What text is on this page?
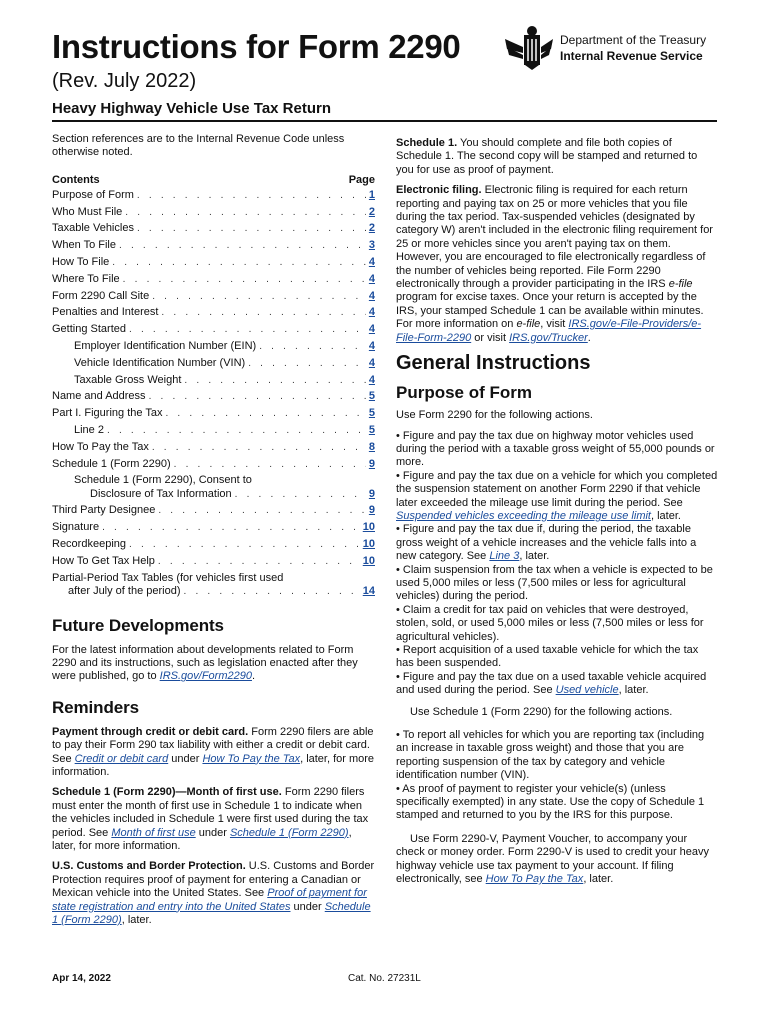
Instructions for Form 2290
(Rev. July 2022)
Heavy Highway Vehicle Use Tax Return
Department of the Treasury
Internal Revenue Service

Section references are to the Internal Revenue Code unless otherwise noted.

Contents	Page
Purpose of Form . . .	1
Who Must File . . .	2
Taxable Vehicles . . .	2
When To File . . .	3
How To File . . .	4
Where To File . . .	4
Form 2290 Call Site . . .	4
Penalties and Interest . . .	4
Getting Started . . .	4
Employer Identification Number (EIN) . . .	4
Vehicle Identification Number (VIN) . . .	4
Taxable Gross Weight . . .	4
Name and Address . . .	5
Part I. Figuring the Tax . . .	5
Line 2 . . .	5
How To Pay the Tax . . .	8
Schedule 1 (Form 2290) . . .	9
Schedule 1 (Form 2290), Consent to
Disclosure of Tax Information . . .	9
Third Party Designee . . .	9
Signature . . .	10
Recordkeeping . . .	10
How To Get Tax Help . . .	10
Partial-Period Tax Tables (for vehicles first used
after July of the period) . . .	14
Future Developments

For the latest information about developments related to Form 2290 and its instructions, such as legislation enacted after they were published, go to IRS.gov/Form2290.

Reminders

Payment through credit or debit card. Form 2290 filers are able to pay their Form 290 tax liability with either a credit or debit card. See Credit or debit card under How To Pay the Tax, later, for more information.

Schedule 1 (Form 2290)—Month of first use. Form 2290 filers must enter the month of first use in Schedule 1 to indicate when the vehicles included in Schedule 1 were first used during the tax period. See Month of first use under Schedule 1 (Form 2290), later, for more information.

U.S. Customs and Border Protection. U.S. Customs and Border Protection requires proof of payment for entering a Canadian or Mexican vehicle into the United States. See Proof of payment for state registration and entry into the United States under Schedule 1 (Form 2290), later.

Schedule 1. You should complete and file both copies of Schedule 1. The second copy will be stamped and returned to you for use as proof of payment.

Electronic filing. Electronic filing is required for each return reporting and paying tax on 25 or more vehicles that you file during the tax period. Tax-suspended vehicles (designated by category W) aren't included in the electronic filing requirement for 25 or more vehicles since you aren't paying tax on them. However, you are encouraged to file electronically regardless of the number of vehicles being reported. File Form 2290 electronically through a provider participating in the IRS e-file program for excise taxes. Once your return is accepted by the IRS, your stamped Schedule 1 can be available within minutes. For more information on e-file, visit IRS.gov/e-File-Providers/e-File-Form-2290 or visit IRS.gov/Trucker.

General Instructions
Purpose of Form

Use Form 2290 for the following actions.

• Figure and pay the tax due on highway motor vehicles used during the period with a taxable gross weight of 55,000 pounds or more.

• Figure and pay the tax due on a vehicle for which you completed the suspension statement on another Form 2290 if that vehicle later exceeded the mileage use limit during the period. See Suspended vehicles exceeding the mileage use limit, later.

• Figure and pay the tax due if, during the period, the taxable gross weight of a vehicle increases and the vehicle falls into a new category. See Line 3, later.

• Claim suspension from the tax when a vehicle is expected to be used 5,000 miles or less (7,500 miles or less for agricultural vehicles) during the period.

• Claim a credit for tax paid on vehicles that were destroyed, stolen, sold, or used 5,000 miles or less (7,500 miles or less for agricultural vehicles).

• Report acquisition of a used taxable vehicle for which the tax has been suspended.

• Figure and pay the tax due on a used taxable vehicle acquired and used during the period. See Used vehicle, later.

Use Schedule 1 (Form 2290) for the following actions.

• To report all vehicles for which you are reporting tax (including an increase in taxable gross weight) and those that you are reporting suspension of the tax by category and vehicle identification number (VIN).

• As proof of payment to register your vehicle(s) (unless specifically exempted) in any state. Use the copy of Schedule 1 stamped and returned to you by the IRS for this purpose.

Use Form 2290-V, Payment Voucher, to accompany your check or money order. Form 2290-V is used to credit your heavy highway vehicle use tax payment to your account. If filing electronically, see How To Pay the Tax, later.

Apr 14, 2022	Cat. No. 27231L
